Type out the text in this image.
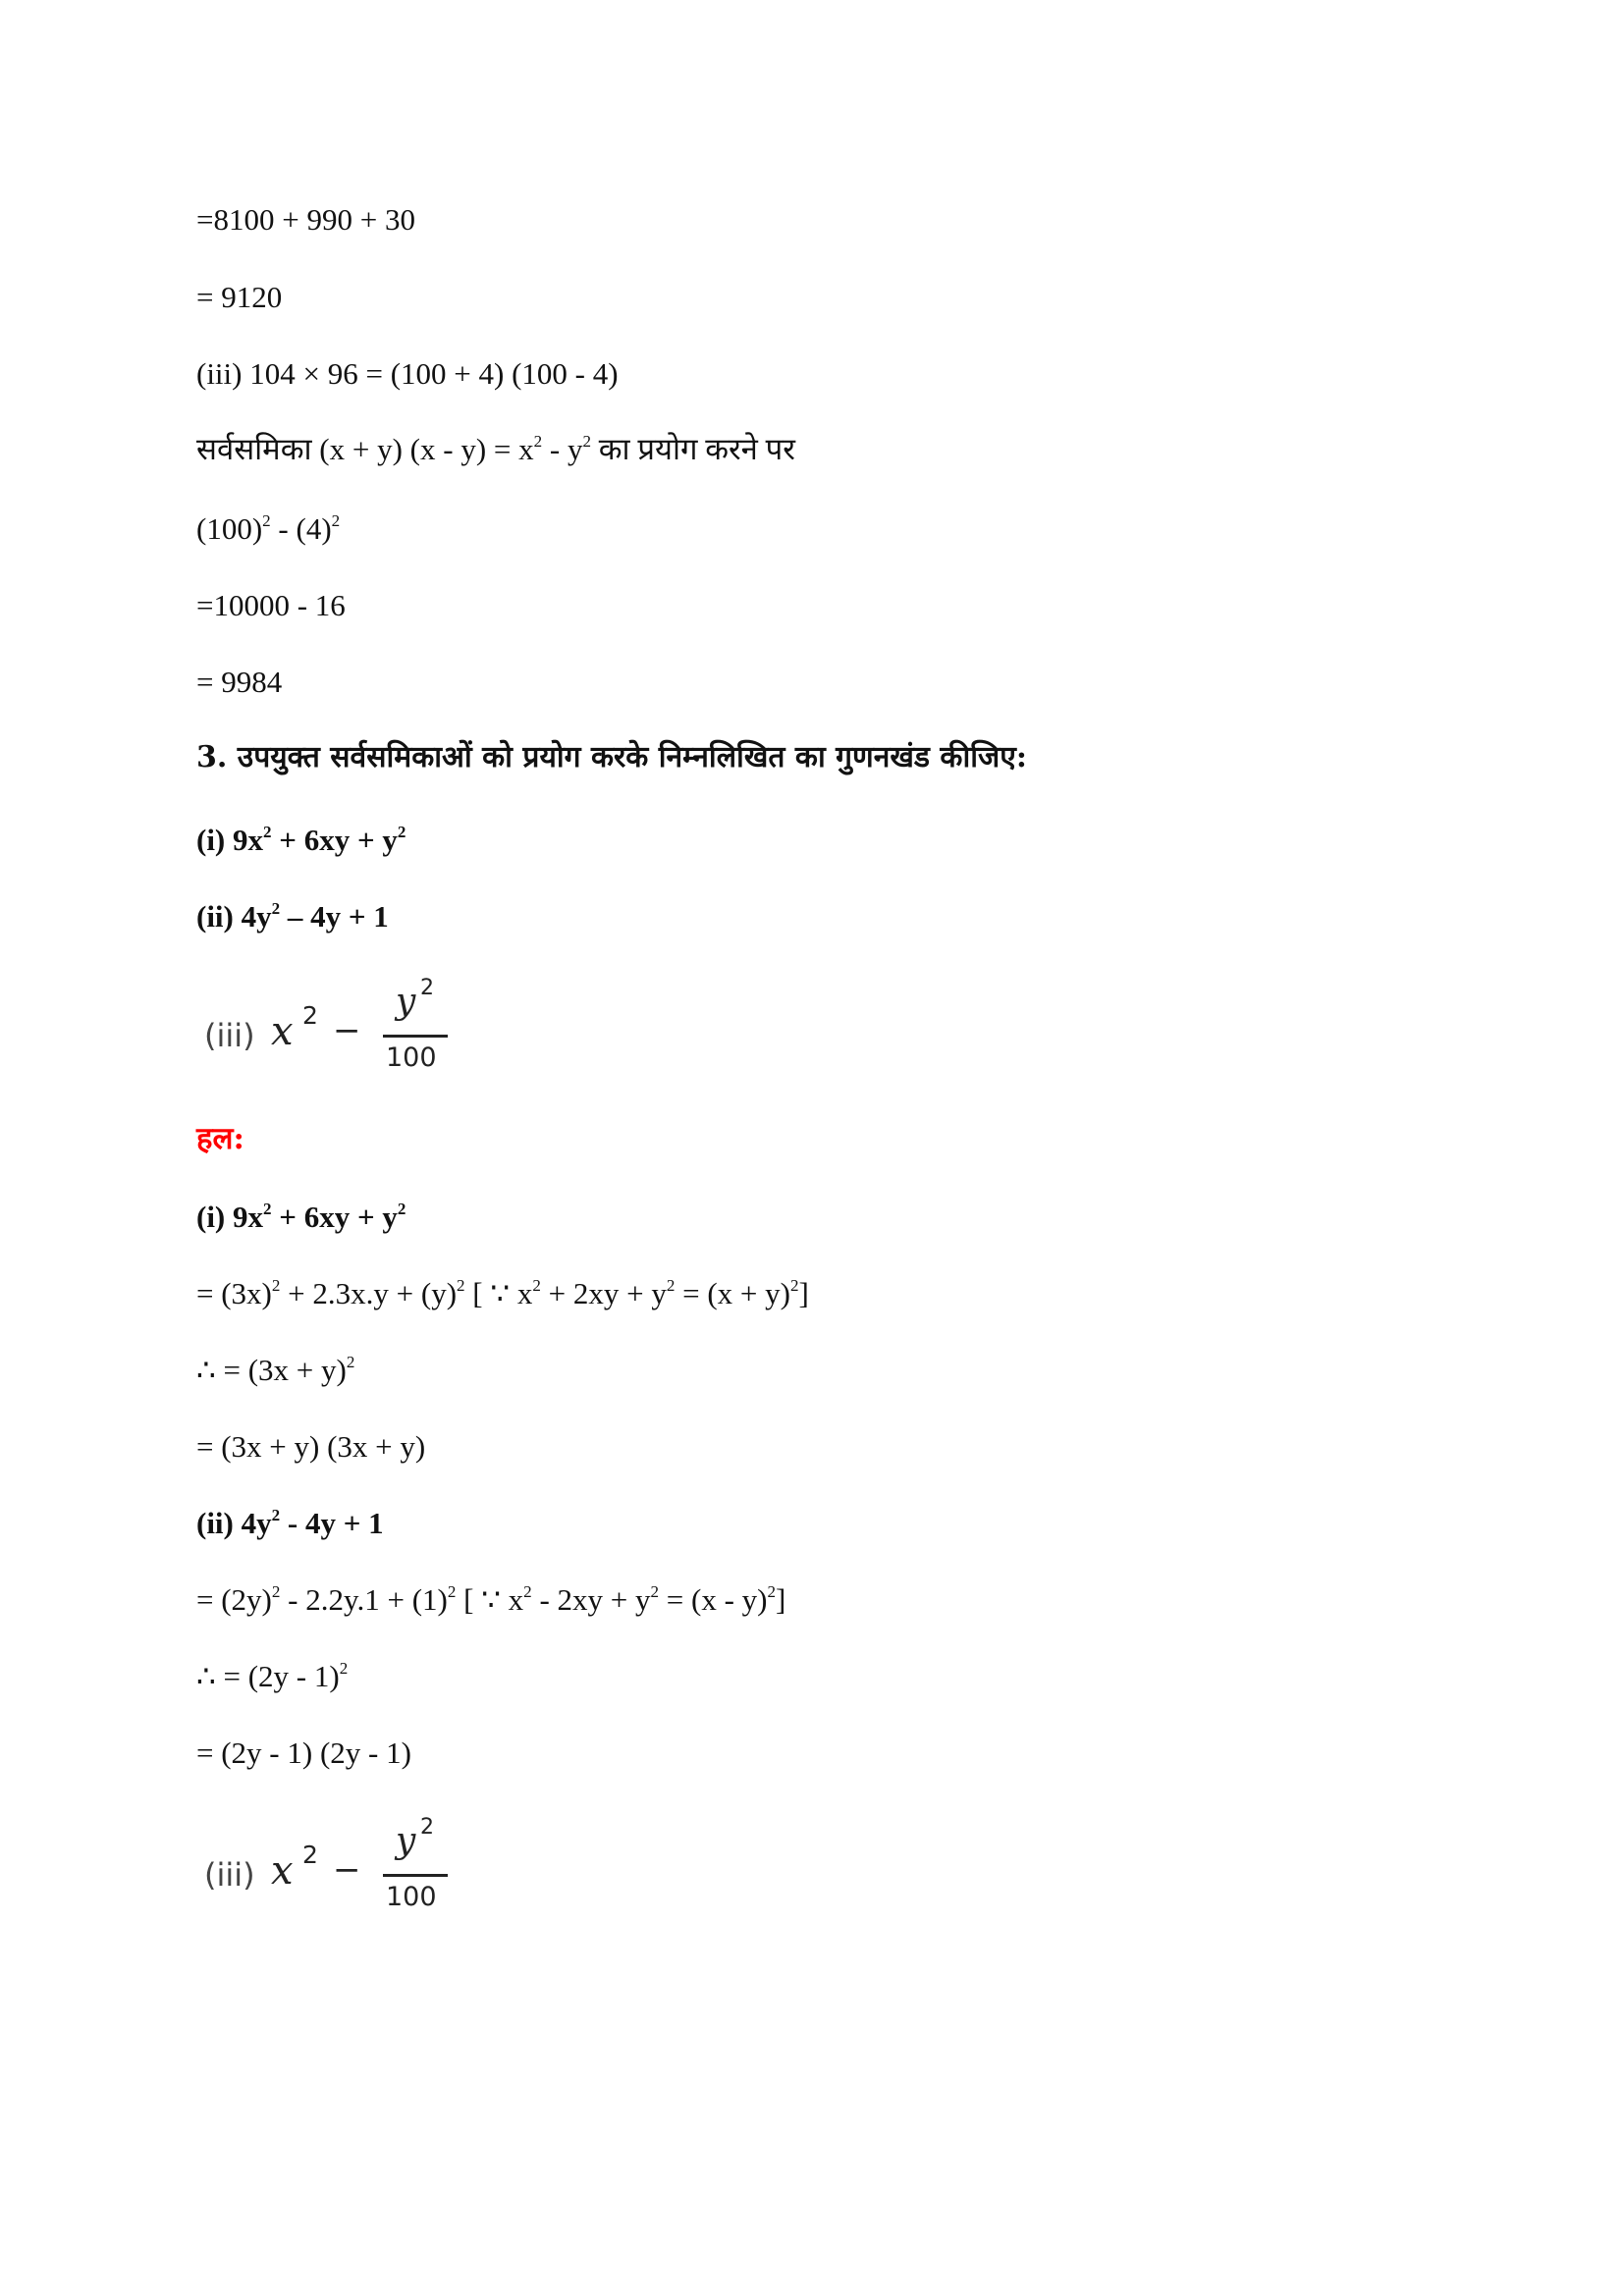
=8100 + 990 + 30
= 9120
(iii) 104 × 96 = (100 + 4) (100 - 4)
सर्वसमिका (x + y) $(x - y) = x^2 - y^2$ का प्रयोग करने पर
$(100)^2 - (4)^2$
=10000 - 16
= 9984
3. उपयुक्त सर्वसमिकाओं को प्रयोग करके निम्नलिखित का गुणनखंड कीजिए:
(i) $9x^2 + 6xy + y^2$
(ii) $4y^2 - 4y + 1$
(iii) x 2 −
y 2
100
हल:
(i) $9x^2 + 6xy + y^2$
= $(3x)^2 + 2.3x.y + (y)^2$ [ ∵ $x^2 + 2xy + y^2 = (x + y)^2$]
∴ = $(3x + y)^2$
= (3x + y) (3x + y)
(ii) $4y^2 - 4y + 1$
= $(2y)^2 - 2.2y.1 + (1)^2$ [ ∵ $x^2 - 2xy + y^2 = (x - y)^2$]
∴ = (2y - 1)$^2$
= (2y - 1) (2y - 1)
(iii) x 2 −
y 2
100
